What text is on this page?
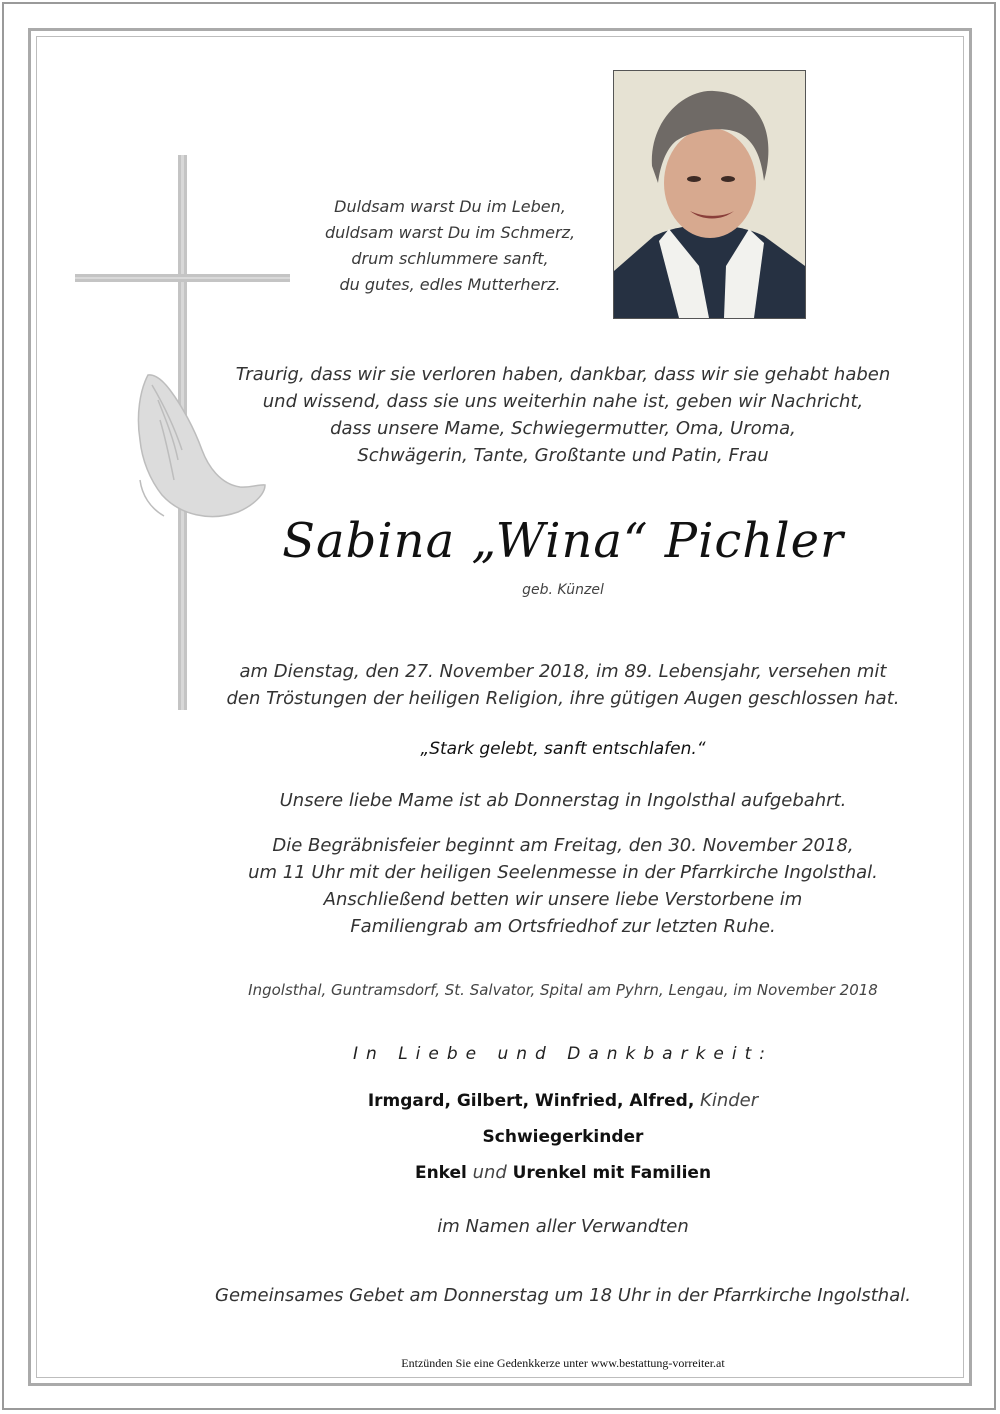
Duldsam warst Du im Leben,
duldsam warst Du im Schmerz,
drum schlummere sanft,
du gutes, edles Mutterherz.
Traurig, dass wir sie verloren haben, dankbar, dass wir sie gehabt haben
und wissend, dass sie uns weiterhin nahe ist, geben wir Nachricht,
dass unsere Mame, Schwiegermutter, Oma, Uroma,
Schwägerin, Tante, Großtante und Patin, Frau
Sabina „Wina“ Pichler
geb. Künzel
am Dienstag, den 27. November 2018, im 89. Lebensjahr, versehen mit
den Tröstungen der heiligen Religion, ihre gütigen Augen geschlossen hat.
„Stark gelebt, sanft entschlafen.“
Unsere liebe Mame ist ab Donnerstag in Ingolsthal aufgebahrt.
Die Begräbnisfeier beginnt am Freitag, den 30. November 2018,
um 11 Uhr mit der heiligen Seelenmesse in der Pfarrkirche Ingolsthal.
Anschließend betten wir unsere liebe Verstorbene im
Familiengrab am Ortsfriedhof zur letzten Ruhe.
Ingolsthal, Guntramsdorf, St. Salvator, Spital am Pyhrn, Lengau, im November 2018
In Liebe und Dankbarkeit:
Irmgard, Gilbert, Winfried, Alfred, Kinder
Schwiegerkinder
Enkel und Urenkel mit Familien
im Namen aller Verwandten
Gemeinsames Gebet am Donnerstag um 18 Uhr in der Pfarrkirche Ingolsthal.
Entzünden Sie eine Gedenkkerze unter www.bestattung-vorreiter.at
